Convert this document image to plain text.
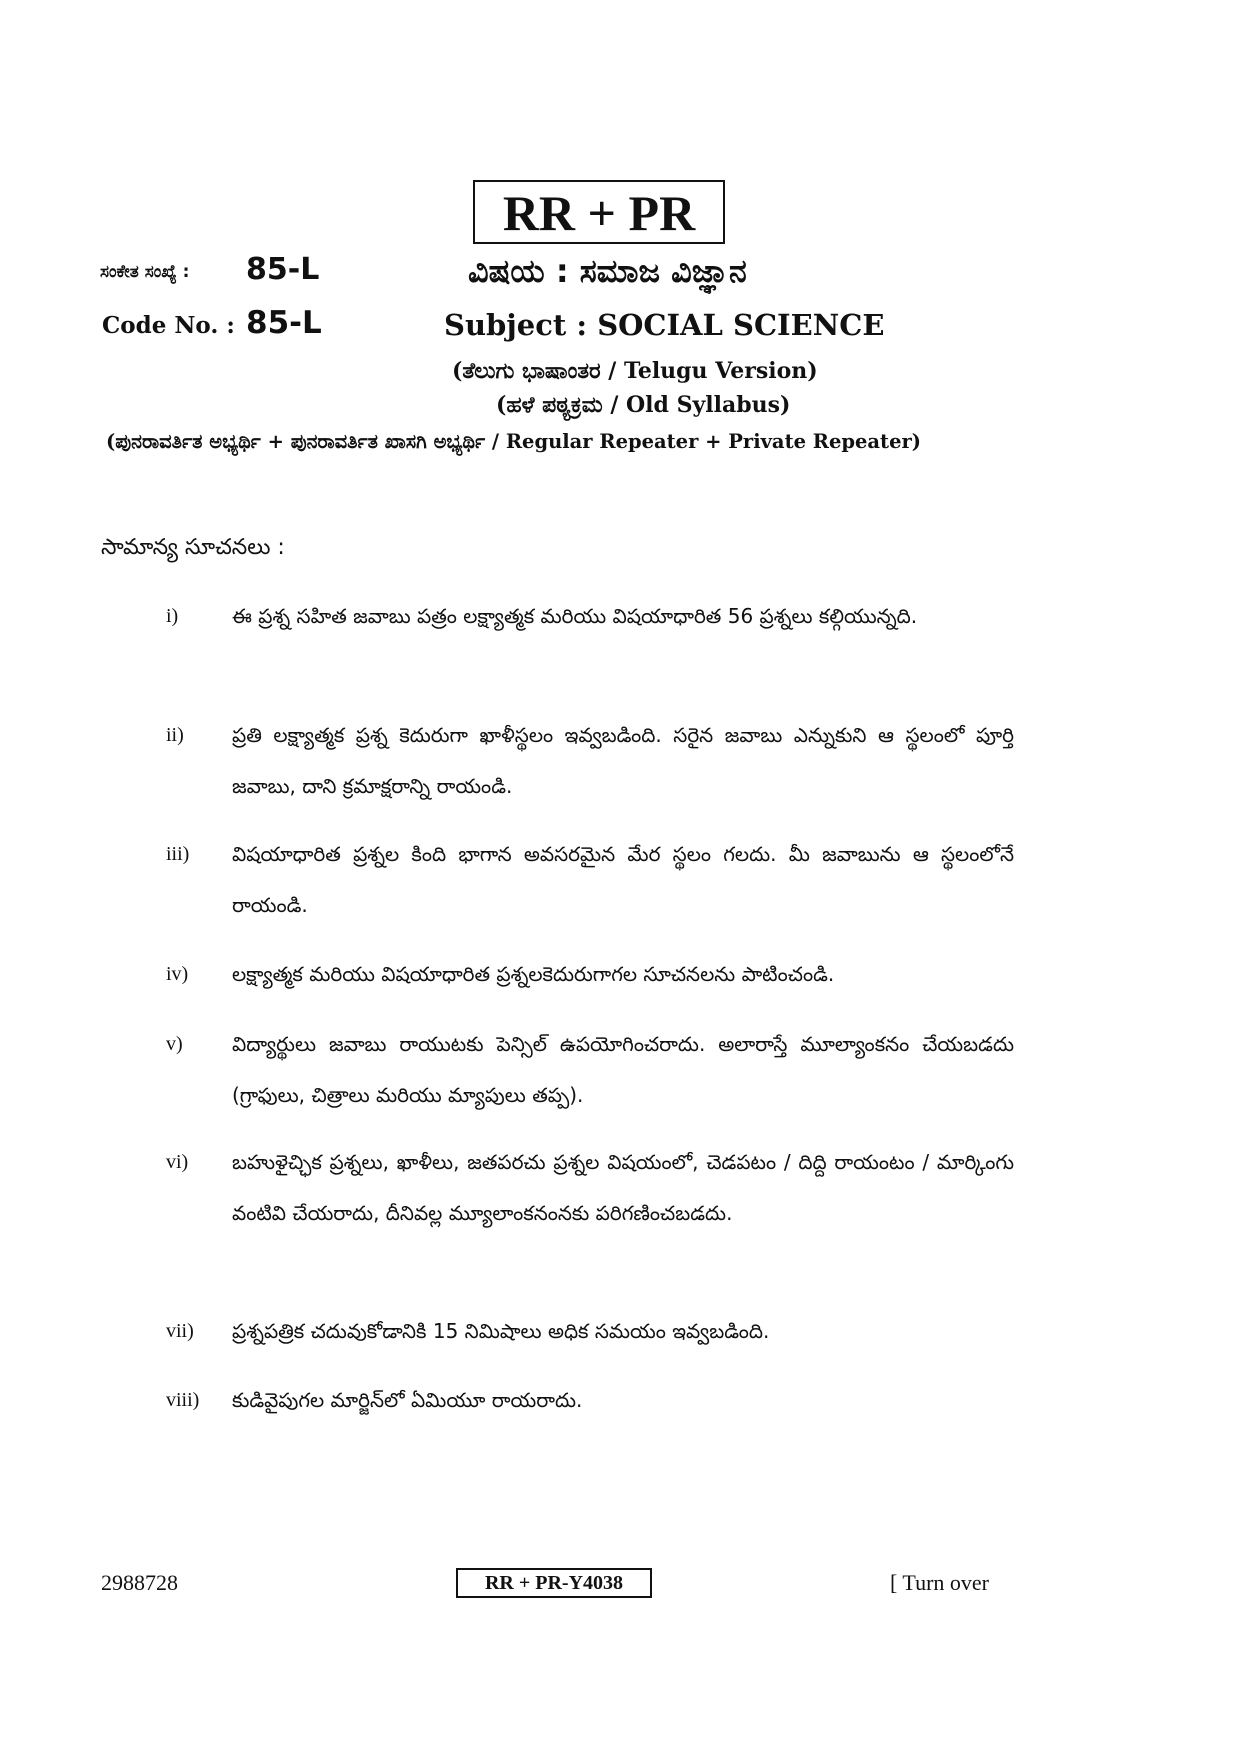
RR + PR
ಸಂಕೇತ ಸಂಖ್ಯೆ : 85-L	ವಿಷಯ : ಸಮಾಜ ವಿಜ್ಞಾನ
Code No. : 85-L	Subject : SOCIAL SCIENCE
(ತೆಲುಗು ಭಾಷಾಂತರ / Telugu Version)
(ಹಳೆ ಪಠ್ಯಕ್ರಮ / Old Syllabus)
(ಪುನರಾವರ್ತಿತ ಅಭ್ಯರ್ಥಿ + ಪುನರಾವರ್ತಿತ ಖಾಸಗಿ ಅಭ್ಯರ್ಥಿ / Regular Repeater + Private Repeater)
సామాన్య సూచనలు :
i)	ఈ ప్రశ్న సహిత జవాబు పత్రం లక్ష్యాత్మక మరియు విషయాధారిత 56 ప్రశ్నలు కల్గియున్నది.
ii) ప్రతి లక్ష్యాత్మక ప్రశ్న కెదురుగా ఖాళీస్థలం ఇవ్వబడింది. సరైన జవాబు ఎన్నుకుని ఆ స్థలంలో పూర్తి జవాబు, దాని క్రమాక్షరాన్ని రాయండి.
iii) విషయాధారిత ప్రశ్నల కింది భాగాన అవసరమైన మేర స్థలం గలదు. మీ జవాబును ఆ స్థలంలోనే రాయండి.
iv) లక్ష్యాత్మక మరియు విషయాధారిత ప్రశ్నలకెదురుగాగల సూచనలను పాటించండి.
v) విద్యార్థులు జవాబు రాయుటకు పెన్సిల్ ఉపయోగించరాదు. అలారాస్తే మూల్యాంకనం చేయబడదు (గ్రాఫులు, చిత్రాలు మరియు మ్యాపులు తప్ప).
vi) బహుళైచ్ఛిక ప్రశ్నలు, ఖాళీలు, జతపరచు ప్రశ్నల విషయంలో, చెడపటం / దిద్ది రాయంటం / మార్కింగు వంటివి చేయరాదు, దీనివల్ల మ్యూలాంకనంనకు పరిగణించబడదు.
vii) ప్రశ్నపత్రిక చదువుకోడానికి 15 నిమిషాలు అధిక సమయం ఇవ్వబడింది.
viii) కుడివైపుగల మార్జిన్‌లో ఏమియూ రాయరాదు.
2988728	RR + PR-Y4038	[ Turn over
